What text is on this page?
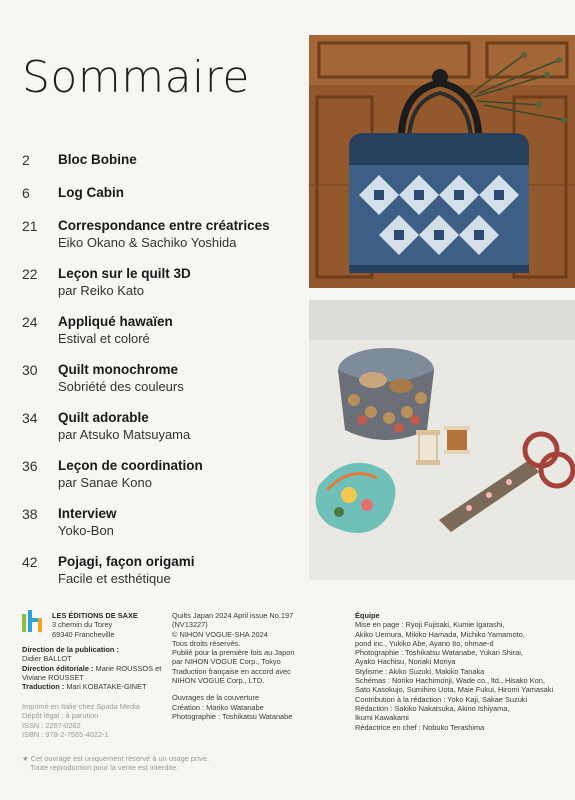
Sommaire
2 Bloc Bobine
6 Log Cabin
21 Correspondance entre créatrices
Eiko Okano & Sachiko Yoshida
22 Leçon sur le quilt 3D
par Reiko Kato
24 Appliqué hawaïen
Estival et coloré
30 Quilt monochrome
Sobriété des couleurs
34 Quilt adorable
par Atsuko Matsuyama
36 Leçon de coordination
par Sanae Kono
38 Interview
Yoko-Bon
42 Pojagi, façon origami
Facile et esthétique
LES ÉDITIONS DE SAXE
3 chemin du Torey
69340 Francheville
Direction de la publication :
Didier BALLOT
Direction éditoriale : Marie ROUSSOS et Viviane ROUSSET
Traduction : Mari KOBATAKE-GINET
Imprimé en Italie chez Spada Media
Dépôt légal : à parution
ISSN : 2267-0262
ISBN : 978-2-7565-4022-1
★ Cet ouvrage est uniquement réservé à un usage privé.
Toute reproduction pour la vente est interdite.
Quilts Japan 2024 April issue No.197
(NV13227)
© NIHON VOGUE-SHA 2024
Tous droits réservés.
Publié pour la première fois au Japon
par NIHON VOGUE Corp., Tokyo
Traduction française en accord avec
NIHON VOGUE Corp., LTD.
Ouvrages de la couverture
Création : Mariko Watanabe
Photographie : Toshikatsu Watanabe
Équipe
Mise en page : Ryoji Fujisaki, Kumie Igarashi,
Akiko Uemura, Mikiko Hamada, Michiko Yamamoto,
pond inc., Yukiko Abe, Ayano Ito, ohmae-d
Photographie : Toshikatsu Watanabe, Yukari Shirai,
Ayako Hachisu, Noriaki Moriya
Stylisme : Akiko Suzuki, Makiko Tanaka
Schémas : Noriko Hachimonji, Wade co., ltd., Hisako Kon,
Sato Kasokujo, Sumihiro Uota, Maie Fukui, Hiromi Yamasaki
Contribution à la rédaction : Yoko Kaji, Sakae Suzuki
Rédaction : Sakiko Nakatsuka, Akino Ishiyama,
Ikumi Kawakami
Rédactrice en chef : Nobuko Terashima
